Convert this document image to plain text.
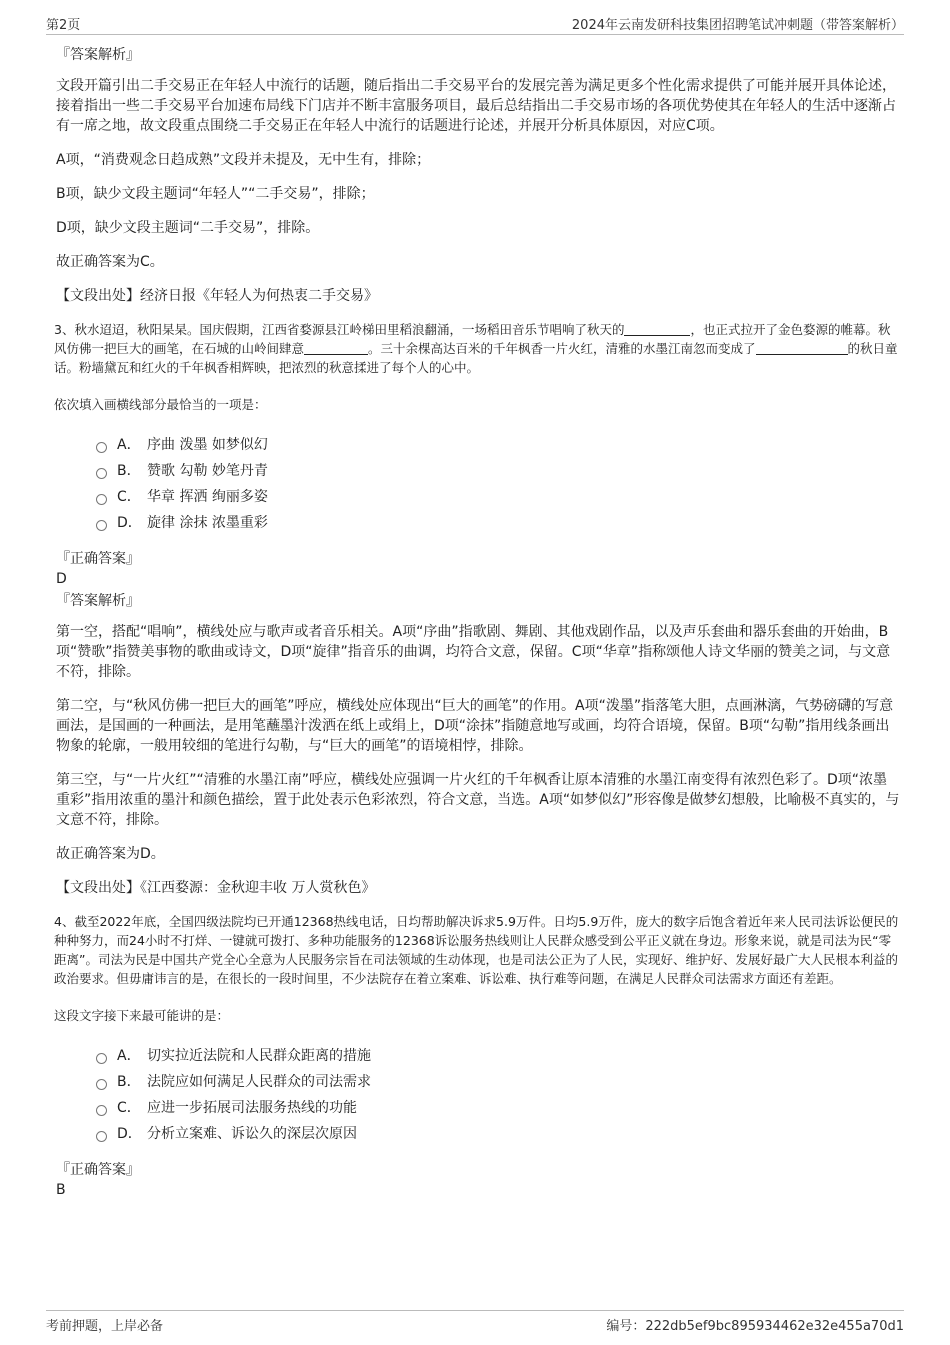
第2页	2024年云南发研科技集团招聘笔试冲刺题（带答案解析）
『答案解析』

文段开篇引出二手交易正在年轻人中流行的话题，随后指出二手交易平台的发展完善为满足更多个性化需求提供了可能并展开具体论述，接着指出一些二手交易平台加速布局线下门店并不断丰富服务项目，最后总结指出二手交易市场的各项优势使其在年轻人的生活中逐渐占有一席之地，故文段重点围绕二手交易正在年轻人中流行的话题进行论述，并展开分析具体原因，对应C项。

A项，“消费观念日趋成熟”文段并未提及，无中生有，排除；

B项，缺少文段主题词“年轻人”“二手交易”，排除；

D项，缺少文段主题词“二手交易”，排除。

故正确答案为C。

【文段出处】经济日报《年轻人为何热衷二手交易》

3、秋水迢迢，秋阳杲杲。国庆假期，江西省婺源县江岭梯田里稻浪翻涌，一场稻田音乐节唱响了秋天的	，也正式拉开了金色婺源的帷幕。秋风仿佛一把巨大的画笔，在石城的山岭间肆意	。三十余棵高达百米的千年枫香一片火红，清雅的水墨江南忽而变成了	的秋日童话。粉墙黛瓦和红火的千年枫香相辉映，把浓烈的秋意揉进了每个人的心中。

依次填入画横线部分最恰当的一项是：

A． 序曲 泼墨 如梦似幻
B． 赞歌 勾勒 妙笔丹青
C． 华章 挥洒 绚丽多姿
D． 旋律 涂抹 浓墨重彩
『正确答案』
D
『答案解析』

第一空，搭配“唱响”，横线处应与歌声或者音乐相关。A项“序曲”指歌剧、舞剧、其他戏剧作品，以及声乐套曲和器乐套曲的开始曲，B项“赞歌”指赞美事物的歌曲或诗文，D项“旋律”指音乐的曲调，均符合文意，保留。C项“华章”指称颂他人诗文华丽的赞美之词，与文意不符，排除。

第二空，与“秋风仿佛一把巨大的画笔”呼应，横线处应体现出“巨大的画笔”的作用。A项“泼墨”指落笔大胆，点画淋漓，气势磅礴的写意画法，是国画的一种画法，是用笔蘸墨汁泼洒在纸上或绢上，D项“涂抹”指随意地写或画，均符合语境，保留。B项“勾勒”指用线条画出物象的轮廓，一般用较细的笔进行勾勒，与“巨大的画笔”的语境相悖，排除。

第三空，与“一片火红”“清雅的水墨江南”呼应，横线处应强调一片火红的千年枫香让原本清雅的水墨江南变得有浓烈色彩了。D项“浓墨重彩”指用浓重的墨汁和颜色描绘，置于此处表示色彩浓烈，符合文意，当选。A项“如梦似幻”形容像是做梦幻想般，比喻极不真实的，与文意不符，排除。

故正确答案为D。

【文段出处】《江西婺源：金秋迎丰收 万人赏秋色》

4、截至2022年底，全国四级法院均已开通12368热线电话，日均帮助解决诉求5.9万件。日均5.9万件，庞大的数字后饱含着近年来人民司法诉讼便民的种种努力，而24小时不打烊、一键就可拨打、多种功能服务的12368诉讼服务热线则让人民群众感受到公平正义就在身边。形象来说，就是司法为民“零距离”。司法为民是中国共产党全心全意为人民服务宗旨在司法领域的生动体现，也是司法公正为了人民，实现好、维护好、发展好最广大人民根本利益的政治要求。但毋庸讳言的是，在很长的一段时间里，不少法院存在着立案难、诉讼难、执行难等问题，在满足人民群众司法需求方面还有差距。

这段文字接下来最可能讲的是：

A． 切实拉近法院和人民群众距离的措施
B． 法院应如何满足人民群众的司法需求
C． 应进一步拓展司法服务热线的功能
D． 分析立案难、诉讼久的深层次原因
『正确答案』
B
考前押题，上岸必备	编号：222db5ef9bc895934462e32e455a70d1
